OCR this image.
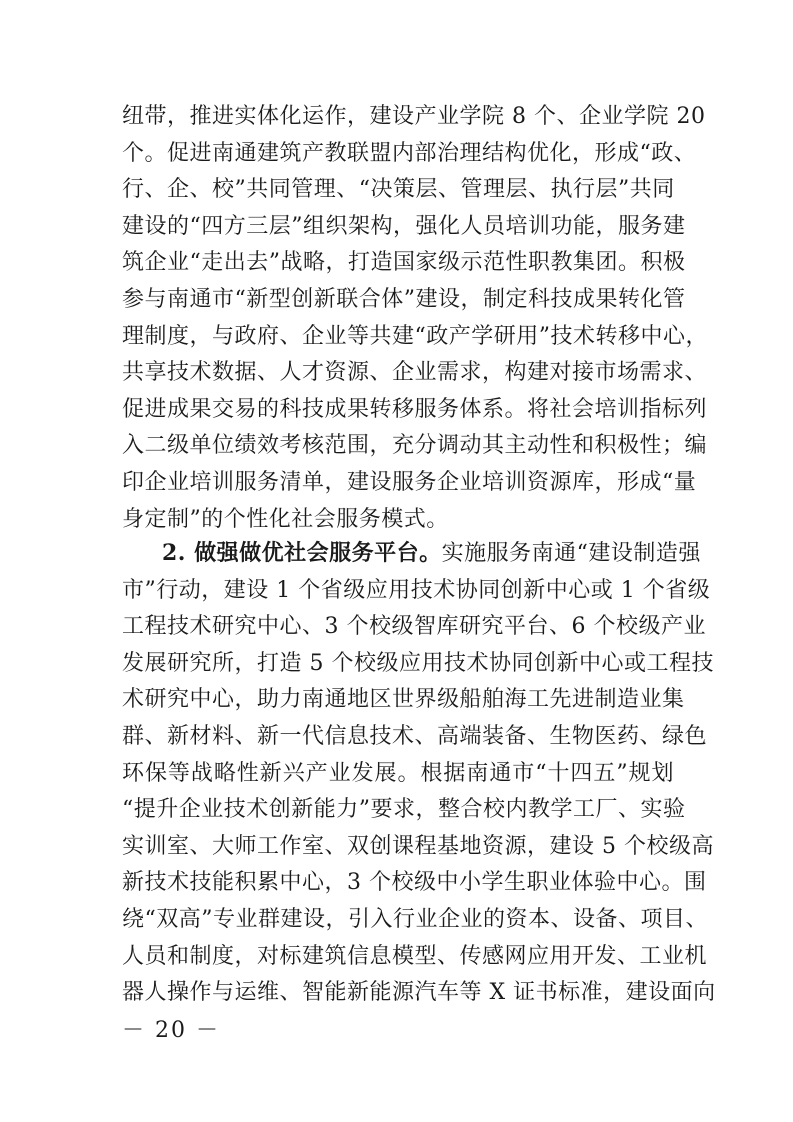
纽带，推进实体化运作，建设产业学院 8 个、企业学院 20
个。促进南通建筑产教联盟内部治理结构优化，形成“政、
行、企、校”共同管理、“决策层、管理层、执行层”共同
建设的“四方三层”组织架构，强化人员培训功能，服务建
筑企业“走出去”战略，打造国家级示范性职教集团。积极
参与南通市“新型创新联合体”建设，制定科技成果转化管
理制度，与政府、企业等共建“政产学研用”技术转移中心，
共享技术数据、人才资源、企业需求，构建对接市场需求、
促进成果交易的科技成果转移服务体系。将社会培训指标列
入二级单位绩效考核范围，充分调动其主动性和积极性；编
印企业培训服务清单，建设服务企业培训资源库，形成“量
身定制”的个性化社会服务模式。
2. 做强做优社会服务平台。实施服务南通“建设制造强
市”行动，建设 1 个省级应用技术协同创新中心或 1 个省级
工程技术研究中心、3 个校级智库研究平台、6 个校级产业
发展研究所，打造 5 个校级应用技术协同创新中心或工程技
术研究中心，助力南通地区世界级船舶海工先进制造业集
群、新材料、新一代信息技术、高端装备、生物医药、绿色
环保等战略性新兴产业发展。根据南通市“十四五”规划
“提升企业技术创新能力”要求，整合校内教学工厂、实验
实训室、大师工作室、双创课程基地资源，建设 5 个校级高
新技术技能积累中心，3 个校级中小学生职业体验中心。围
绕“双高”专业群建设，引入行业企业的资本、设备、项目、
人员和制度，对标建筑信息模型、传感网应用开发、工业机
器人操作与运维、智能新能源汽车等 X 证书标准，建设面向
－ 20 －
